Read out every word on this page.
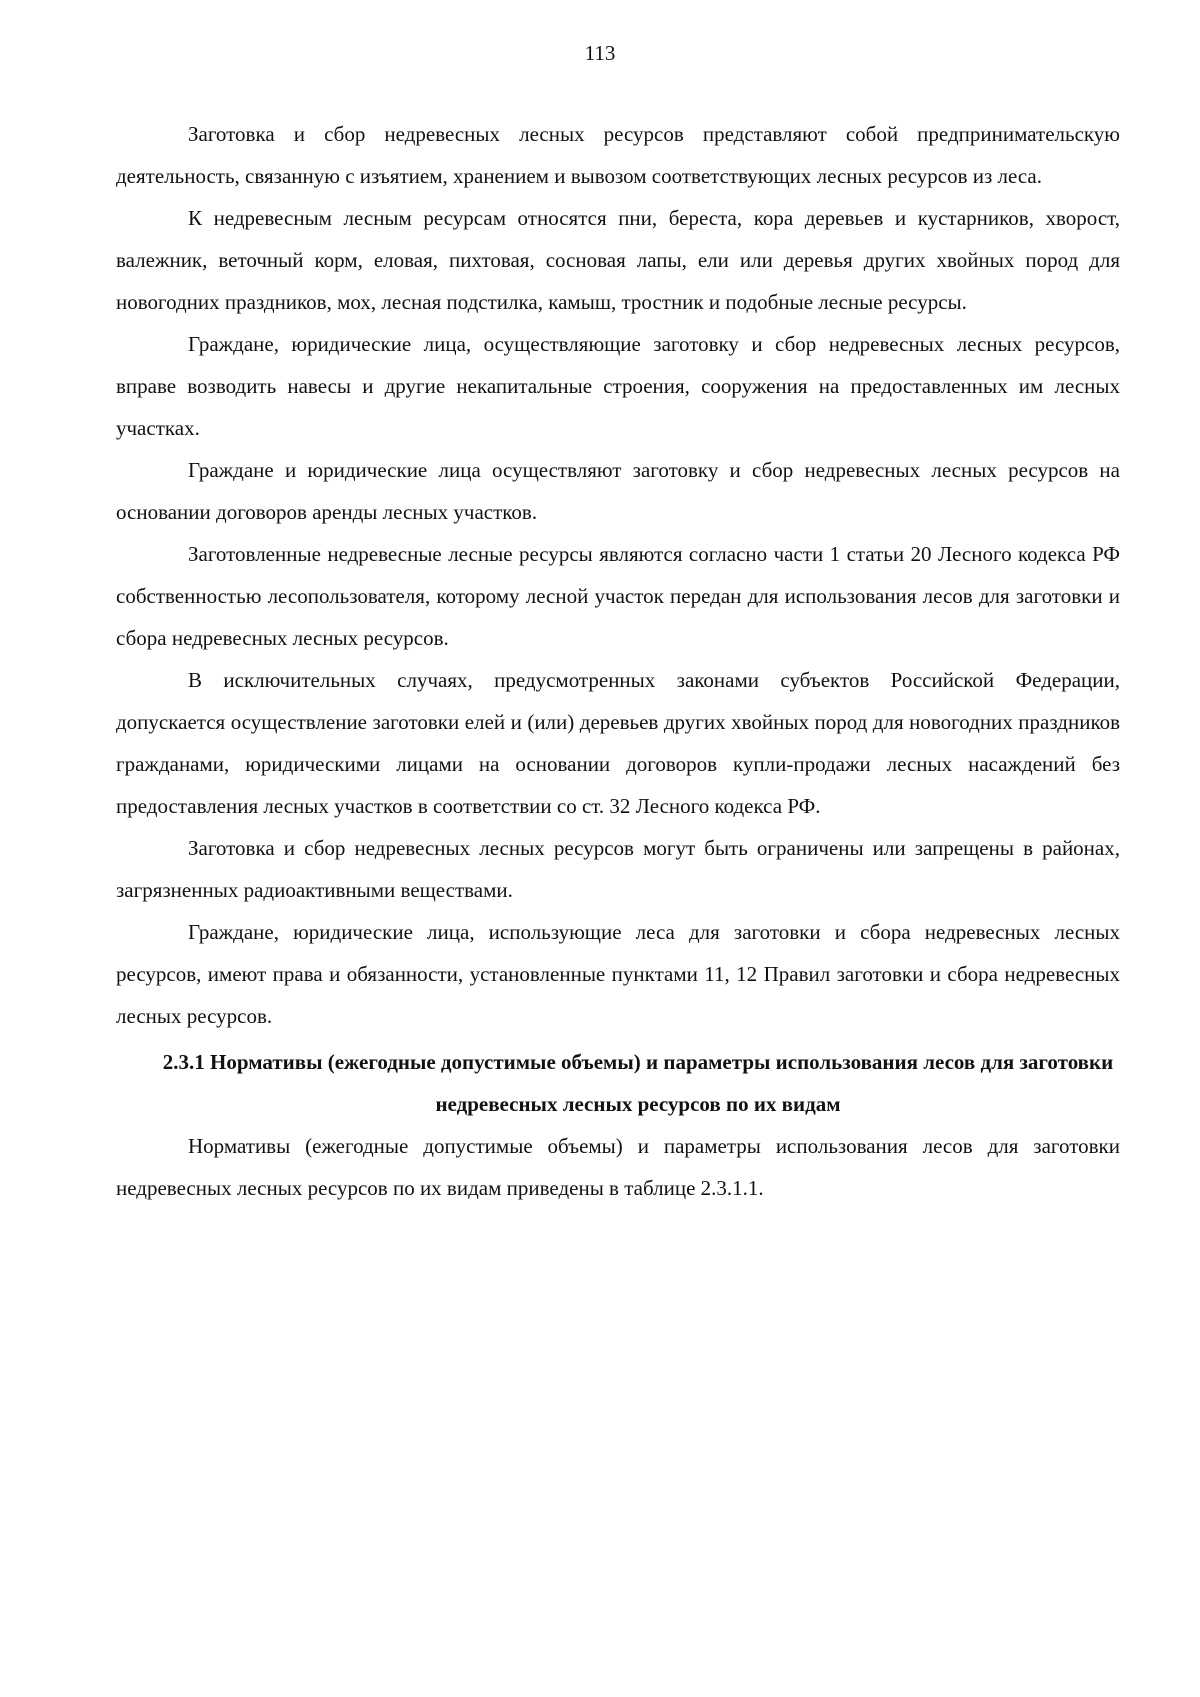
113

Заготовка и сбор недревесных лесных ресурсов представляют собой предпринимательскую деятельность, связанную с изъятием, хранением и вывозом соответствующих лесных ресурсов из леса.

К недревесным лесным ресурсам относятся пни, береста, кора деревьев и кустарников, хворост, валежник, веточный корм, еловая, пихтовая, сосновая лапы, ели или деревья других хвойных пород для новогодних праздников, мох, лесная подстилка, камыш, тростник и подобные лесные ресурсы.

Граждане, юридические лица, осуществляющие заготовку и сбор недревесных лесных ресурсов, вправе возводить навесы и другие некапитальные строения, сооружения на предоставленных им лесных участках.

Граждане и юридические лица осуществляют заготовку и сбор недревесных лесных ресурсов на основании договоров аренды лесных участков.

Заготовленные недревесные лесные ресурсы являются согласно части 1 статьи 20 Лесного кодекса РФ собственностью лесопользователя, которому лесной участок передан для использования лесов для заготовки и сбора недревесных лесных ресурсов.

В исключительных случаях, предусмотренных законами субъектов Российской Федерации, допускается осуществление заготовки елей и (или) деревьев других хвойных пород для новогодних праздников гражданами, юридическими лицами на основании договоров купли-продажи лесных насаждений без предоставления лесных участков в соответствии со ст. 32 Лесного кодекса РФ.

Заготовка и сбор недревесных лесных ресурсов могут быть ограничены или запрещены в районах, загрязненных радиоактивными веществами.

Граждане, юридические лица, использующие леса для заготовки и сбора недревесных лесных ресурсов, имеют права и обязанности, установленные пунктами 11, 12 Правил заготовки и сбора недревесных лесных ресурсов.

2.3.1 Нормативы (ежегодные допустимые объемы) и параметры использования лесов для заготовки недревесных лесных ресурсов по их видам

Нормативы (ежегодные допустимые объемы) и параметры использования лесов для заготовки недревесных лесных ресурсов по их видам приведены в таблице 2.3.1.1.
